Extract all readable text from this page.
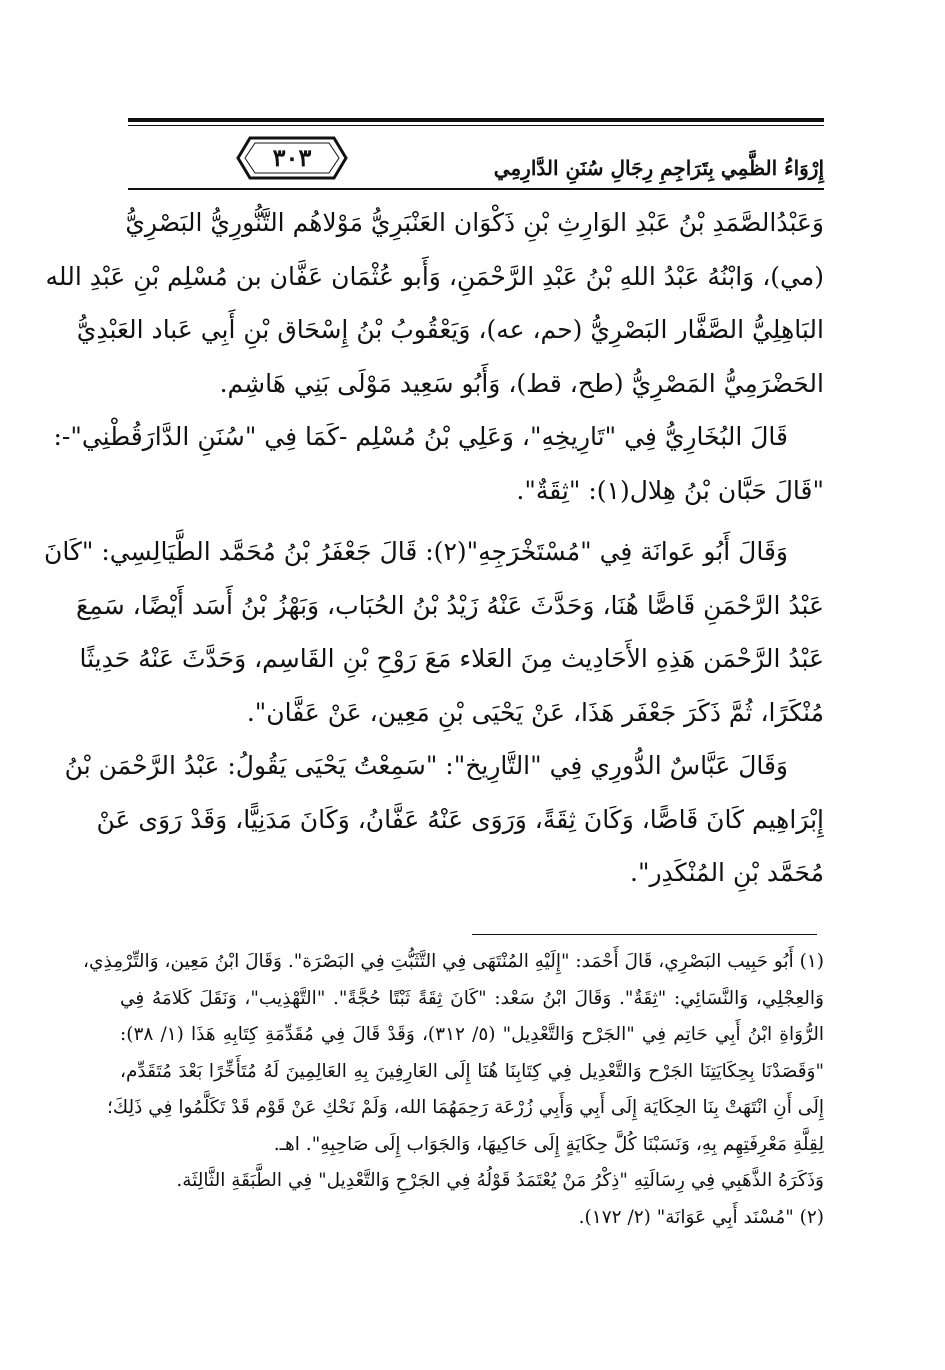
٣٠٣	إِرْوَاءُ الظَّمِي بِتَرَاجِمِ رِجَالِ سُنَنِ الدَّارِمِي
وَعَبْدُالصَّمَدِ بْنُ عَبْدِ الوَارِثِ بْنِ ذَكْوَان العَنْبَرِيُّ مَوْلاهُم التَّنُّورِيُّ البَصْرِيُّ
(مي)، وَابْنُهُ عَبْدُ اللهِ بْنُ عَبْدِ الرَّحْمَنِ، وَأَبو عُثْمَان عَفَّان بن مُسْلِم بْنِ عَبْدِ الله
البَاهِلِيُّ الصَّفَّار البَصْرِيُّ (حم، عه)، وَيَعْقُوبُ بْنُ إِسْحَاق بْنِ أَبِي عَباد العَبْدِيُّ
الحَضْرَمِيُّ المَصْرِيُّ (طح، قط)، وَأَبُو سَعِيد مَوْلَى بَنِي هَاشِم.
قَالَ البُخَارِيُّ فِي "تَارِيخِهِ"، وَعَلِي بْنُ مُسْلِم -كَمَا فِي "سُنَنِ الدَّارَقُطْنِي"-:
"قَالَ حَبَّان بْنُ هِلال(١): "ثِقَةٌ".
وَقَالَ أَبُو عَوانَة فِي "مُسْتَخْرَجِهِ"(٢): قَالَ جَعْفَرُ بْنُ مُحَمَّد الطَّيَالِسِي: "كَانَ
عَبْدُ الرَّحْمَنِ قَاصًّا هُنَا، وَحَدَّثَ عَنْهُ زَيْدُ بْنُ الحُبَاب، وَبَهْزُ بْنُ أَسَد أَيْضًا، سَمِعَ
عَبْدُ الرَّحْمَن هَذِهِ الأَحَادِيث مِنَ العَلاء مَعَ رَوْحِ بْنِ القَاسِم، وَحَدَّثَ عَنْهُ حَدِيثًا
مُنْكَرًا، ثُمَّ ذَكَرَ جَعْفَر هَذَا، عَنْ يَحْيَى بْنِ مَعِين، عَنْ عَفَّان".
وَقَالَ عَبَّاسٌ الدُّورِي فِي "التَّارِيخ": "سَمِعْتُ يَحْيَى يَقُولُ: عَبْدُ الرَّحْمَن بْنُ
إِبْرَاهِيم كَانَ قَاصًّا، وَكَانَ ثِقَةً، وَرَوَى عَنْهُ عَفَّانُ، وَكَانَ مَدَنِيًّا، وَقَدْ رَوَى عَنْ
مُحَمَّد بْنِ المُنْكَدِر".
(١) أَبُو حَبِيب البَصْرِي، قَالَ أَحْمَد: "إِلَيْهِ المُنْتَهَى فِي التَّثَبُّتِ فِي البَصْرَة". وَقَالَ ابْنُ مَعِين، وَالتِّرْمِذِي،
وَالعِجْلِي، وَالنَّسَائِي: "ثِقَةٌ". وَقَالَ ابْنُ سَعْد: "كَانَ ثِقَةً ثَبْتًا حُجَّةً". "التَّهْذِيب"، وَنَقَلَ كَلامَهُ فِي
الرُّوَاةِ ابْنُ أَبِي حَاتِم فِي "الجَرْح وَالتَّعْدِيل" (٥/ ٣١٢)، وَقَدْ قَالَ فِي مُقَدِّمَةِ كِتَابِهِ هَذَا (١/ ٣٨):
"وَقَصَدْنَا بِحِكَايَتِنَا الجَرْح وَالتَّعْدِيل فِي كِتَابِنَا هُنَا إِلَى العَارِفِينَ بِهِ العَالِمِينَ لَهُ مُتَأَخِّرًا بَعْدَ مُتَقَدِّم،
إِلَى أَنِ انْتَهَتْ بِنَا الحِكَايَة إِلَى أَبِي وَأَبِي زُرْعَة رَحِمَهُمَا الله، وَلَمْ نَحْكِ عَنْ قَوْم قَدْ تَكَلَّمُوا فِي ذَلِكَ؛
لِقِلَّةِ مَعْرِفَتِهِم بِهِ، وَنَسَبْنَا كُلَّ حِكَايَةٍ إِلَى حَاكِيهَا، وَالجَوَاب إِلَى صَاحِبِهِ". اهـ.
وَذَكَرَهُ الذَّهَبِي فِي رِسَالَتِهِ "ذِكْرُ مَنْ يُعْتَمَدُ قَوْلُهُ فِي الجَرْحِ وَالتَّعْدِيل" فِي الطَّبَقَةِ الثَّالِثَة.
(٢) "مُسْنَد أَبِي عَوَانَة" (٢/ ١٧٢).
